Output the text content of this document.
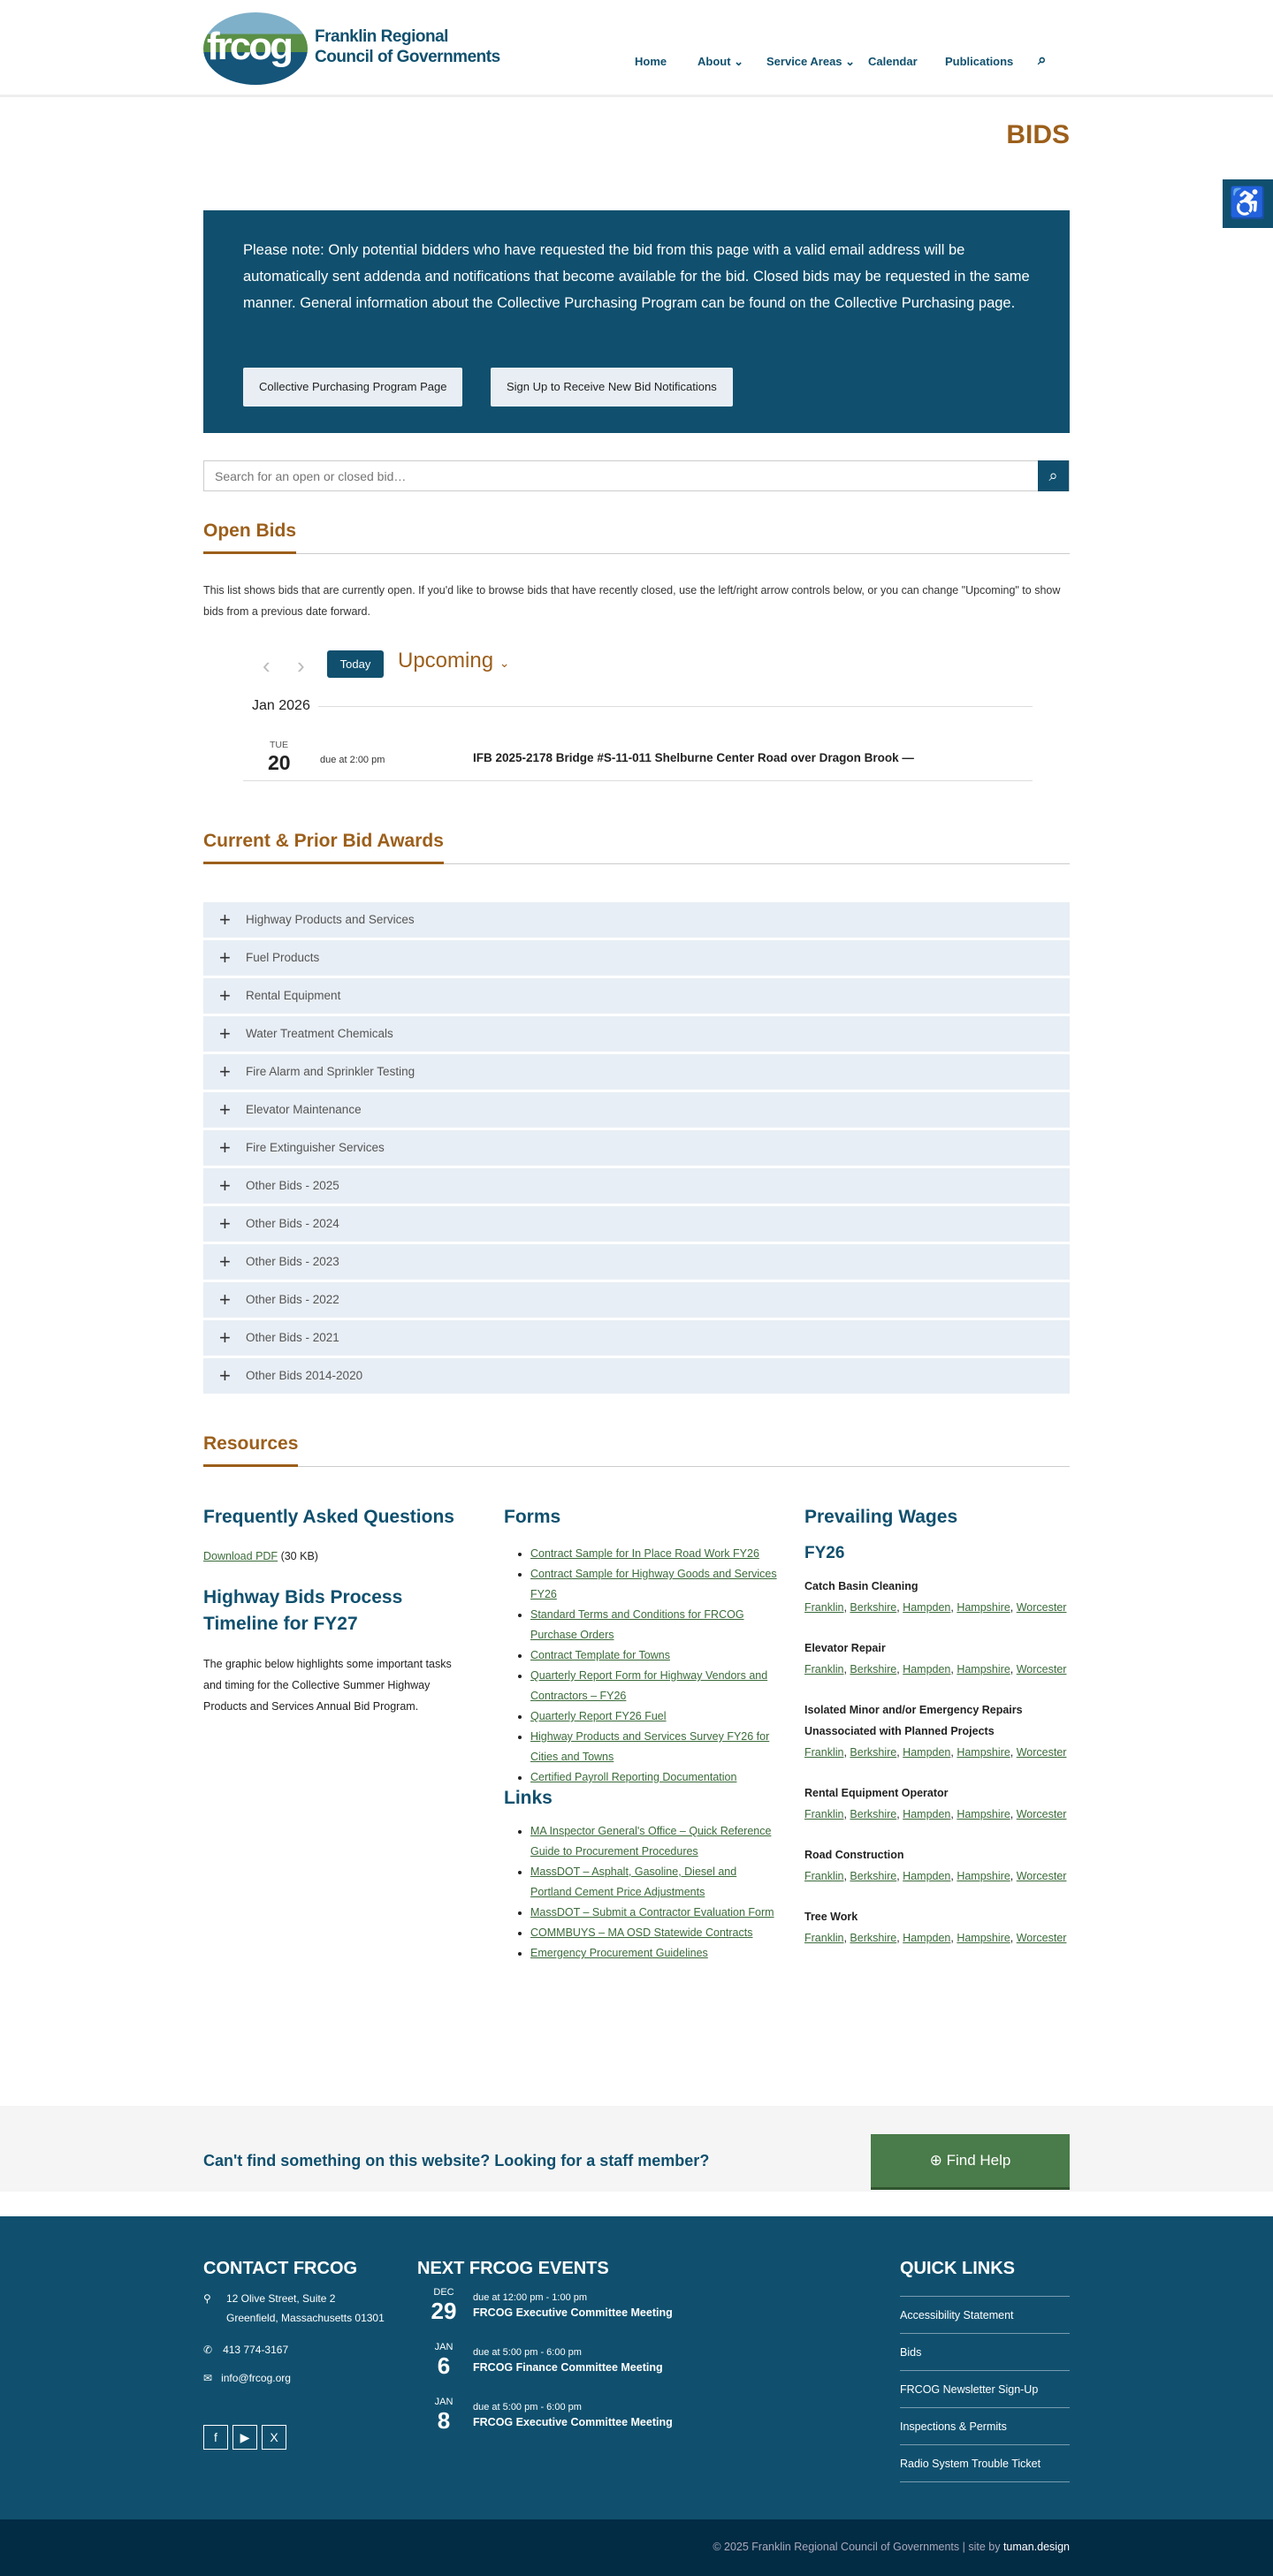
frcog Franklin Regional
Council of Governments	Home	About ⌄ Service Areas ⌄ Calendar Publications ⌕
BIDS
♿

Please note: Only potential bidders who have requested the bid from this page with a valid email address will be automatically sent addenda and notifications that become available for the bid. Closed bids may be requested in the same manner. General information about the Collective Purchasing Program can be found on the Collective Purchasing page.

Collective Purchasing Program Page	Sign Up to Receive New Bid Notifications
Search for an open or closed bid…
⌕
Open Bids
This list shows bids that are currently open. If you'd like to browse bids that have recently closed, use the left/right arrow controls below, or you can change "Upcoming" to show bids from a previous date forward.
‹ ›	Today	Upcoming ⌄
Jan 2026
TUE
20	due at 2:00 pm	IFB 2025-2178 Bridge #S-11-011 Shelburne Center Road over Dragon Brook —
Current & Prior Bid Awards
Resources
Frequently Asked Questions
Download PDF (30 KB)
Highway Bids Process Timeline for FY27
The graphic below highlights some important tasks and timing for the Collective Summer Highway Products and Services Annual Bid Program.
Forms
• Contract Sample for In Place Road Work FY26
• Contract Sample for Highway Goods and Services FY26
• Standard Terms and Conditions for FRCOG Purchase Orders
• Contract Template for Towns
• Quarterly Report Form for Highway Vendors and Contractors – FY26
• Quarterly Report FY26 Fuel
• Highway Products and Services Survey FY26 for Cities and Towns
• Certified Payroll Reporting Documentation
Links
• MA Inspector General's Office – Quick Reference Guide to Procurement Procedures
• MassDOT – Asphalt, Gasoline, Diesel and Portland Cement Price Adjustments
• MassDOT – Submit a Contractor Evaluation Form
• COMMBUYS – MA OSD Statewide Contracts
• Emergency Procurement Guidelines
Prevailing Wages
FY26
Catch Basin Cleaning
Franklin, Berkshire, Hampden, Hampshire, Worcester
Elevator Repair
Franklin, Berkshire, Hampden, Hampshire, Worcester
Isolated Minor and/or Emergency Repairs Unassociated with Planned Projects
Franklin, Berkshire, Hampden, Hampshire, Worcester
Rental Equipment Operator
Franklin, Berkshire, Hampden, Hampshire, Worcester
Road Construction
Franklin, Berkshire, Hampden, Hampshire, Worcester
Tree Work
Franklin, Berkshire, Hampden, Hampshire, Worcester
Can't find something on this website? Looking for a staff member?	⊕ Find Help
CONTACT FRCOG
⚲ 12 Olive Street, Suite 2
Greenfield, Massachusetts 01301
✆ 413 774-3167
✉ info@frcog.org
NEXT FRCOG EVENTS
DEC
29 due at 12:00 pm - 1:00 pm
FRCOG Executive Committee Meeting
JAN
6	due at 5:00 pm - 6:00 pm
FRCOG Finance Committee Meeting
JAN
8	due at 5:00 pm - 6:00 pm
FRCOG Executive Committee Meeting
QUICK LINKS
Accessibility Statement
Bids
FRCOG Newsletter Sign-Up
Inspections & Permits
Radio System Trouble Ticket
f	▶	X
© 2025 Franklin Regional Council of Governments | site by tuman.design
+ Highway Products and Services
+ Fuel Products
+ Rental Equipment
+ Water Treatment Chemicals
+ Fire Alarm and Sprinkler Testing
+ Elevator Maintenance
+ Fire Extinguisher Services
+ Other Bids - 2025
+ Other Bids - 2024
+ Other Bids - 2023
+ Other Bids - 2022
+ Other Bids - 2021
+ Other Bids 2014-2020
